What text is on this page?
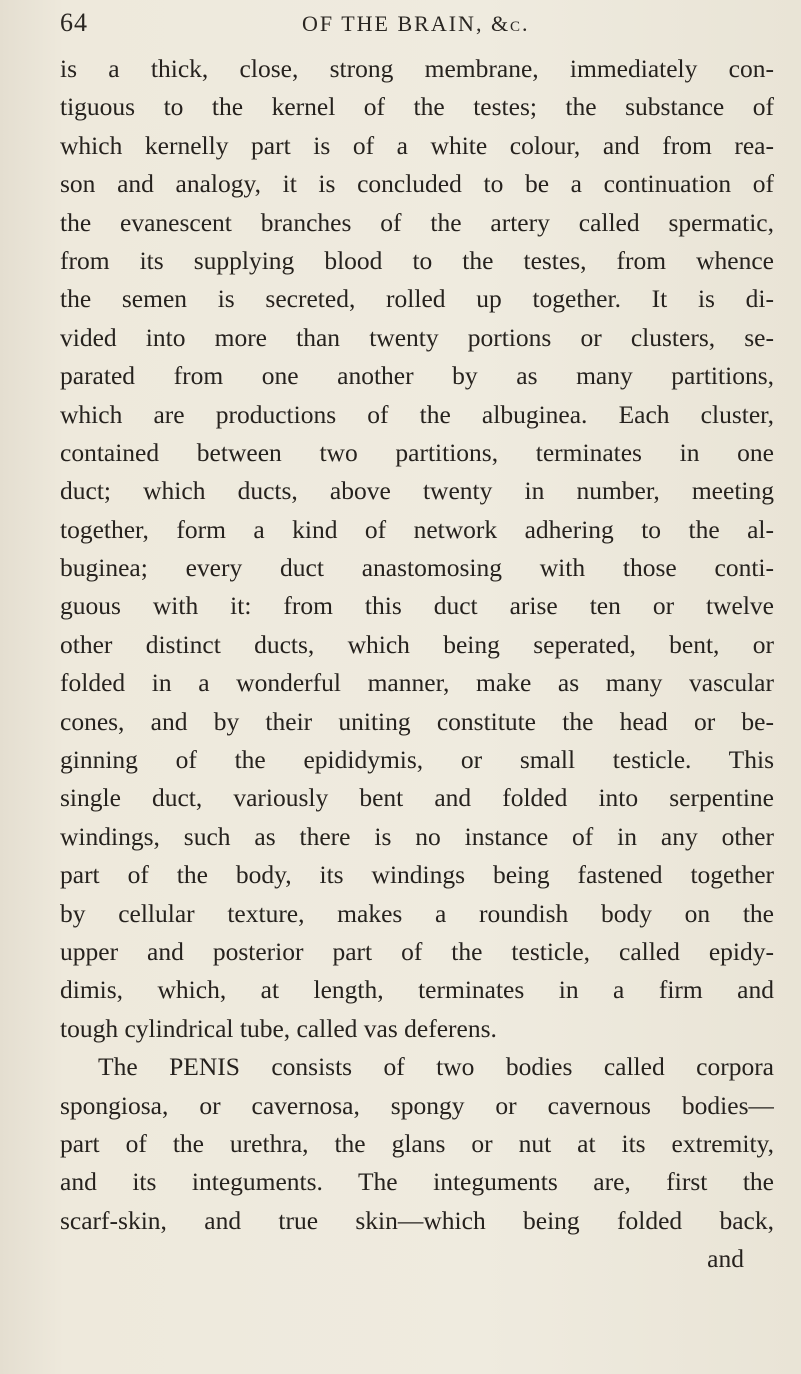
64	OF THE BRAIN, &c.
is a thick, close, strong membrane, immediately con-
tiguous to the kernel of the testes; the substance of
which kernelly part is of a white colour, and from rea-
son and analogy, it is concluded to be a continuation of
the evanescent branches of the artery called spermatic,
from its supplying blood to the testes, from whence
the semen is secreted, rolled up together. It is di-
vided into more than twenty portions or clusters, se-
parated from one another by as many partitions,
which are productions of the albuginea. Each cluster,
contained between two partitions, terminates in one
duct; which ducts, above twenty in number, meeting
together, form a kind of network adhering to the al-
buginea; every duct anastomosing with those conti-
guous with it: from this duct arise ten or twelve
other distinct ducts, which being seperated, bent, or
folded in a wonderful manner, make as many vascular
cones, and by their uniting constitute the head or be-
ginning of the epididymis, or small testicle. This
single duct, variously bent and folded into serpentine
windings, such as there is no instance of in any other
part of the body, its windings being fastened together
by cellular texture, makes a roundish body on the
upper and posterior part of the testicle, called epidy-
dimis, which, at length, terminates in a firm and
tough cylindrical tube, called vas deferens.
The PENIS consists of two bodies called corpora
spongiosa, or cavernosa, spongy or cavernous bodies—
part of the urethra, the glans or nut at its extremity,
and its integuments. The integuments are, first the
scarf-skin, and true skin—which being folded back,
and
